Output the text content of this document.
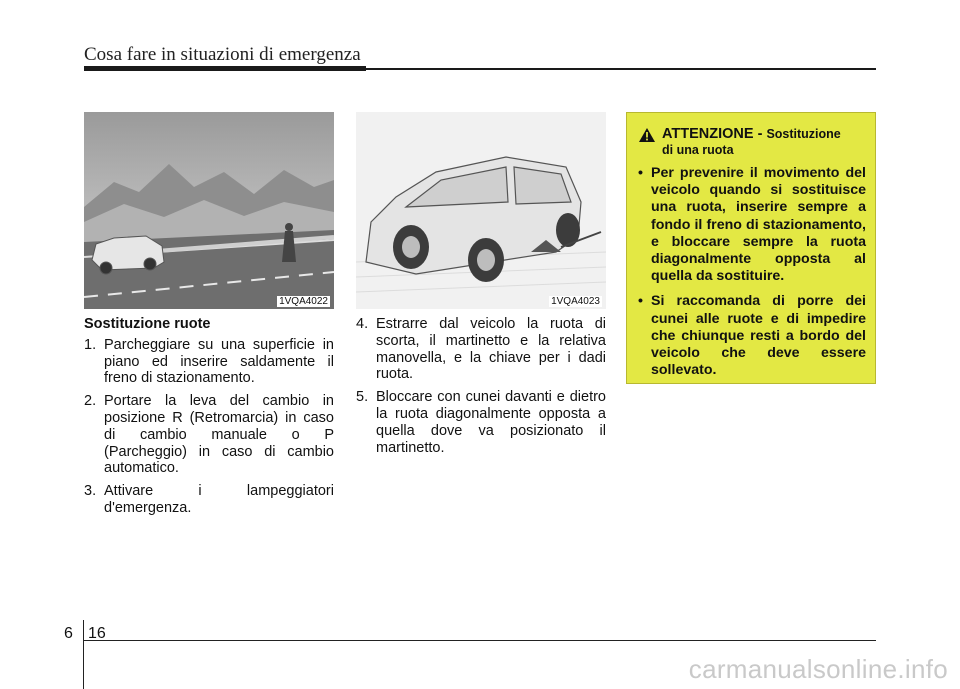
Cosa fare in situazioni di emergenza
1VQA4022	1VQA4023
Sostituzione ruote
1. Parcheggiare su una superficie in piano ed inserire saldamente il freno di stazionamento.
2. Portare la leva del cambio in posizione R (Retromarcia) in caso di cambio manuale o P (Parcheggio) in caso di cambio automatico.
3. Attivare i lampeggiatori d'emergenza.
4. Estrarre dal veicolo la ruota di scorta, il martinetto e la relativa manovella, e la chiave per i dadi ruota.
5. Bloccare con cunei davanti e dietro la ruota diagonalmente opposta a quella dove va posizionato il martinetto.
ATTENZIONE - Sostituzione
di una ruota
• Per prevenire il movimento del veicolo quando si sostituisce una ruota, inserire sempre a fondo il freno di stazionamento, e bloccare sempre la ruota diagonalmente opposta al quella da sostituire.
• Si raccomanda di porre dei cunei alle ruote e di impedire che chiunque resti a bordo del veicolo che deve essere sollevato.
6 16
carmanualsonline.info
